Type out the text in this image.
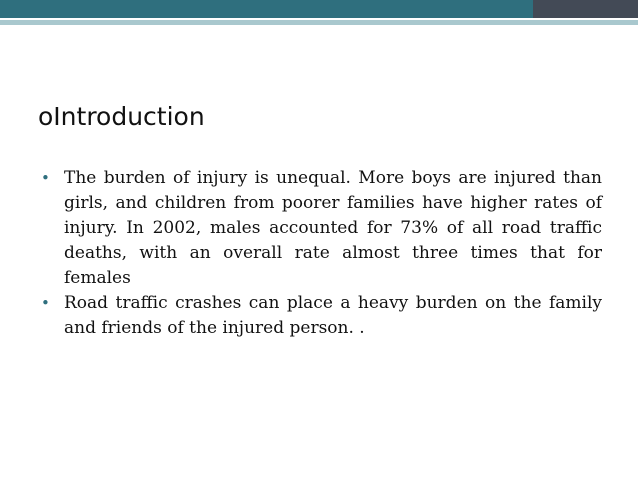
oIntroduction
• The burden of injury is unequal. More boys are injured than girls, and children from poorer families have higher rates of injury. In 2002, males accounted for 73% of all road traffic deaths, with an overall rate almost three times that for females
• Road traffic crashes can place a heavy burden on the family and friends of the injured person. .
